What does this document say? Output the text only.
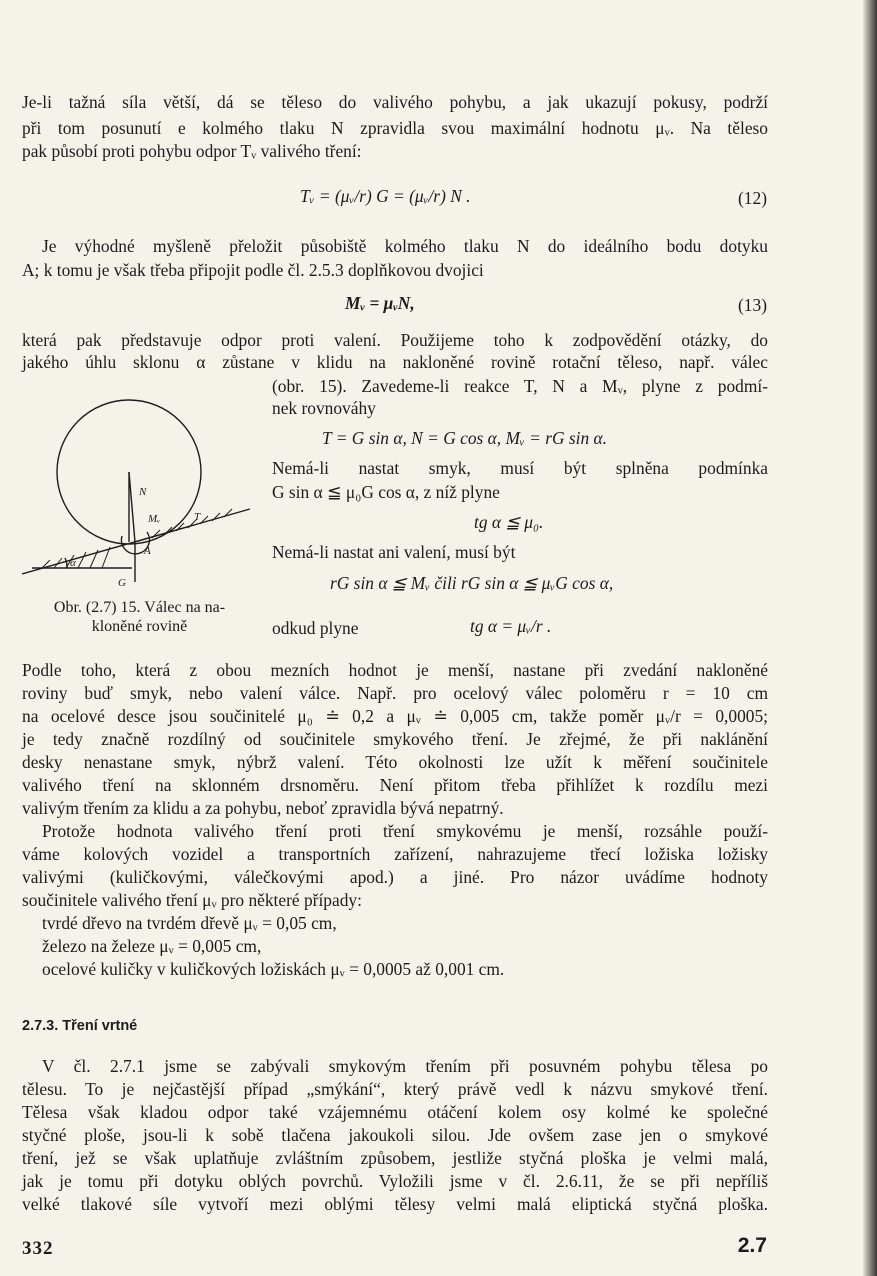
Je-li tažná síla větší, dá se těleso do valivého pohybu, a jak ukazují pokusy, podrží
při tom posunutí e kolmého tlaku N zpravidla svou maximální hodnotu μᵥ. Na těleso
pak působí proti pohybu odpor Tᵥ valivého tření:
Tᵥ = (μᵥ/r) G = (μᵥ/r) N .	(12)
Je výhodné myšleně přeložit působiště kolmého tlaku N do ideálního bodu dotyku
A; k tomu je však třeba připojit podle čl. 2.5.3 doplňkovou dvojici
Mᵥ = μᵥN,	(13)
která pak představuje odpor proti valení. Použijeme toho k zodpovědění otázky, do
jakého úhlu sklonu α zůstane v klidu na nakloněné rovině rotační těleso, např. válec
(obr. 15). Zavedeme-li reakce T, N a Mᵥ, plyne z podmí-
nek rovnováhy
T = G sin α, N = G cos α, Mᵥ = rG sin α.
Nemá-li nastat smyk, musí být splněna podmínka
G sin α ≦ μ₀G cos α, z níž plyne
tg α ≦ μ₀.
Nemá-li nastat ani valení, musí být
rG sin α ≦ Mᵥ čili rG sin α ≦ μᵥG cos α,
odkud plyne	tg α = μᵥ/r .
N
Mᵥ	T
A
α
G
Obr. (2.7) 15. Válec na na-
kloněné rovině
Podle toho, která z obou mezních hodnot je menší, nastane při zvedání nakloněné
roviny buď smyk, nebo valení válce. Např. pro ocelový válec poloměru r = 10 cm
na ocelové desce jsou součinitelé μ₀ ≐ 0,2 a μᵥ ≐ 0,005 cm, takže poměr μᵥ/r = 0,0005;
je tedy značně rozdílný od součinitele smykového tření. Je zřejmé, že při naklánění
desky nenastane smyk, nýbrž valení. Této okolnosti lze užít k měření součinitele
valivého tření na sklonném drsnoměru. Není přitom třeba přihlížet k rozdílu mezi
valivým třením za klidu a za pohybu, neboť zpravidla bývá nepatrný.
Protože hodnota valivého tření proti tření smykovému je menší, rozsáhle použí-
váme kolových vozidel a transportních zařízení, nahrazujeme třecí ložiska ložisky
valivými (kuličkovými, válečkovými apod.) a jiné. Pro názor uvádíme hodnoty
součinitele valivého tření μᵥ pro některé případy:
tvrdé dřevo na tvrdém dřevě μᵥ = 0,05 cm,
železo na železe μᵥ = 0,005 cm,
ocelové kuličky v kuličkových ložiskách μᵥ = 0,0005 až 0,001 cm.
2.7.3. Tření vrtné
V čl. 2.7.1 jsme se zabývali smykovým třením při posuvném pohybu tělesa po
tělesu. To je nejčastější případ „smýkání“, který právě vedl k názvu smykové tření.
Tělesa však kladou odpor také vzájemnému otáčení kolem osy kolmé ke společné
styčné ploše, jsou-li k sobě tlačena jakoukoli silou. Jde ovšem zase jen o smykové
tření, jež se však uplatňuje zvláštním způsobem, jestliže styčná ploška je velmi malá,
jak je tomu při dotyku oblých povrchů. Vyložili jsme v čl. 2.6.11, že se při nepříliš
velké tlakové síle vytvoří mezi oblými tělesy velmi malá eliptická styčná ploška.
332	2.7
